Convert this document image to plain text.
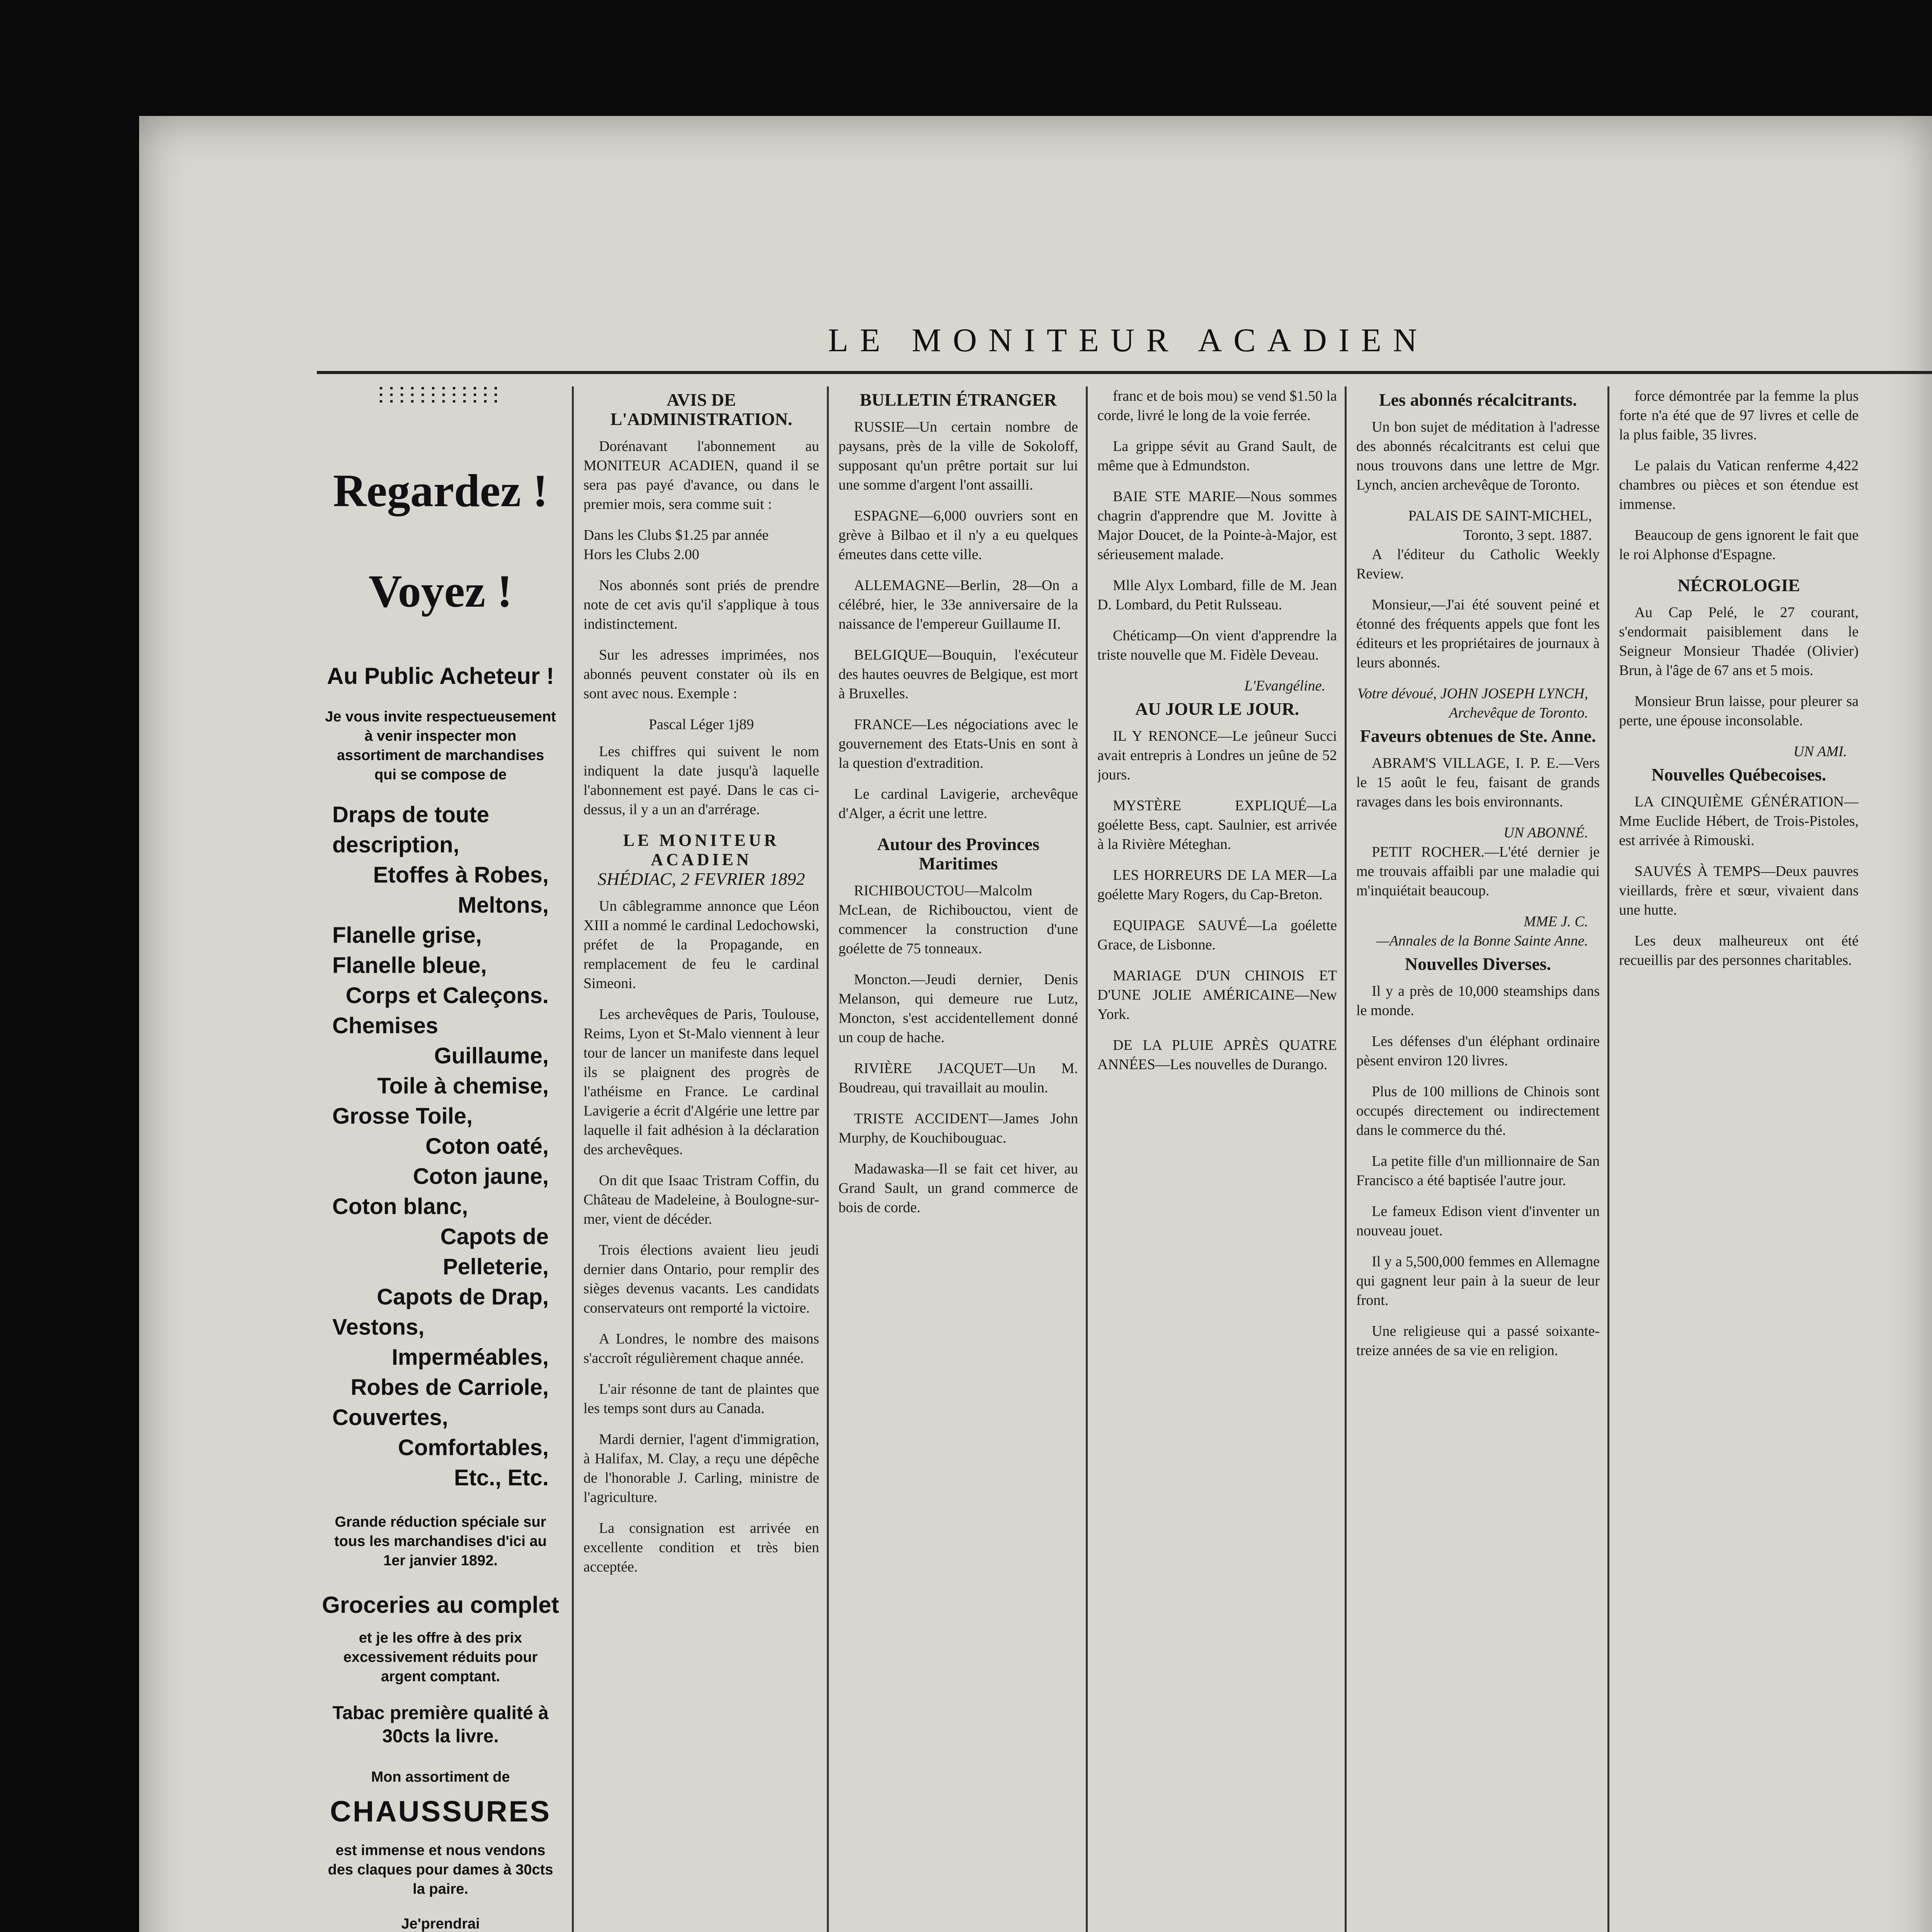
LE MONITEUR ACADIEN
⫶⫶⫶⫶⫶⫶⫶⫶⫶⫶⫶⫶
Regardez !
Voyez !
Au Public Acheteur !
Je vous invite respectueusement à venir inspecter mon assortiment de marchandises qui se compose de
Draps de toute description,
Etoffes à Robes,
Meltons,
Flanelle grise,
Flanelle bleue,
Corps et Caleçons.
Chemises
Guillaume,
Toile à chemise,
Grosse Toile,
Coton oaté,
Coton jaune,
Coton blanc,
Capots de Pelleterie,
Capots de Drap,
Vestons,
Imperméables,
Robes de Carriole,
Couvertes,
Comfortables,
Etc., Etc.
Grande réduction spéciale sur tous les marchandises d'ici au 1er janvier 1892.
Groceries au complet
et je les offre à des prix excessivement réduits pour argent comptant.
Tabac première qualité à 30cts la livre.
Mon assortiment de
CHAUSSURES
est immense et nous vendons des claques pour dames à 30cts la paire.
Je'prendrai
AVIS DE L'ADMINISTRATION.
Dorénavant l'abonnement au MONITEUR ACADIEN, quand il se sera pas payé d'avance, ou dans le premier mois, sera comme suit :
Dans les Clubs $1.25 par année
Hors les Clubs 2.00
Nos abonnés sont priés de prendre note de cet avis qu'il s'applique à tous indistinctement.
Sur les adresses imprimées, nos abonnés peuvent constater où ils en sont avec nous. Exemple :
Pascal Léger 1j89
Les chiffres qui suivent le nom indiquent la date jusqu'à laquelle l'abonnement est payé. Dans le cas ci-dessus, il y a un an d'arrérage.
LE MONITEUR ACADIEN
SHÉDIAC, 2 FEVRIER 1892
Un câblegramme annonce que Léon XIII a nommé le cardinal Ledochowski, préfet de la Propagande, en remplacement de feu le cardinal Simeoni.
Les archevêques de Paris, Toulouse, Reims, Lyon et St-Malo viennent à leur tour de lancer un manifeste dans lequel ils se plaignent des progrès de l'athéisme en France. Le cardinal Lavigerie a écrit d'Algérie une lettre par laquelle il fait adhésion à la déclaration des archevêques.
On dit que Isaac Tristram Coffin, du Château de Madeleine, à Boulogne-sur-mer, vient de décéder.
Trois élections avaient lieu jeudi dernier dans Ontario, pour remplir des sièges devenus vacants. Les candidats conservateurs ont remporté la victoire.
A Londres, le nombre des maisons s'accroît régulièrement chaque année.
L'air résonne de tant de plaintes que les temps sont durs au Canada.
Mardi dernier, l'agent d'immigration, à Halifax, M. Clay, a reçu une dépêche de l'honorable J. Carling, ministre de l'agriculture.
La consignation est arrivée en excellente condition et très bien acceptée.
BULLETIN ÉTRANGER
RUSSIE—Un certain nombre de paysans, près de la ville de Sokoloff, supposant qu'un prêtre portait sur lui une somme d'argent l'ont assailli.
ESPAGNE—6,000 ouvriers sont en grève à Bilbao et il n'y a eu quelques émeutes dans cette ville.
ALLEMAGNE—Berlin, 28—On a célébré, hier, le 33e anniversaire de la naissance de l'empereur Guillaume II.
BELGIQUE—Bouquin, l'exécuteur des hautes oeuvres de Belgique, est mort à Bruxelles.
FRANCE—Les négociations avec le gouvernement des Etats-Unis en sont à la question d'extradition.
Le cardinal Lavigerie, archevêque d'Alger, a écrit une lettre.
Autour des Provinces Maritimes
RICHIBOUCTOU—Malcolm McLean, de Richibouctou, vient de commencer la construction d'une goélette de 75 tonneaux.
Moncton.—Jeudi dernier, Denis Melanson, qui demeure rue Lutz, Moncton, s'est accidentellement donné un coup de hache.
RIVIÈRE JACQUET—Un M. Boudreau, qui travaillait au moulin.
TRISTE ACCIDENT—James John Murphy, de Kouchibouguac.
Madawaska—Il se fait cet hiver, au Grand Sault, un grand commerce de bois de corde.
franc et de bois mou) se vend $1.50 la corde, livré le long de la voie ferrée.
La grippe sévit au Grand Sault, de même que à Edmundston.
BAIE STE MARIE—Nous sommes chagrin d'apprendre que M. Jovitte à Major Doucet, de la Pointe-à-Major, est sérieusement malade.
Mlle Alyx Lombard, fille de M. Jean D. Lombard, du Petit Rulsseau.
Chéticamp—On vient d'apprendre la triste nouvelle que M. Fidèle Deveau.
L'Evangéline.
AU JOUR LE JOUR.
IL Y RENONCE—Le jeûneur Succi avait entrepris à Londres un jeûne de 52 jours.
MYSTÈRE EXPLIQUÉ—La goélette Bess, capt. Saulnier, est arrivée à la Rivière Méteghan.
LES HORREURS DE LA MER—La goélette Mary Rogers, du Cap-Breton.
EQUIPAGE SAUVÉ—La goélette Grace, de Lisbonne.
MARIAGE D'UN CHINOIS ET D'UNE JOLIE AMÉRICAINE—New York.
DE LA PLUIE APRÈS QUATRE ANNÉES—Les nouvelles de Durango.
Les abonnés récalcitrants.
Un bon sujet de méditation à l'adresse des abonnés récalcitrants est celui que nous trouvons dans une lettre de Mgr. Lynch, ancien archevêque de Toronto.
PALAIS DE SAINT-MICHEL, Toronto, 3 sept. 1887.
A l'éditeur du Catholic Weekly Review.
Monsieur,—J'ai été souvent peiné et étonné des fréquents appels que font les éditeurs et les propriétaires de journaux à leurs abonnés.
Votre dévoué, JOHN JOSEPH LYNCH, Archevêque de Toronto.
Faveurs obtenues de Ste. Anne.
ABRAM'S VILLAGE, I. P. E.—Vers le 15 août le feu, faisant de grands ravages dans les bois environnants.
UN ABONNÉ.
PETIT ROCHER.—L'été dernier je me trouvais affaibli par une maladie qui m'inquiétait beaucoup.
MME J. C.
—Annales de la Bonne Sainte Anne.
Nouvelles Diverses.
Il y a près de 10,000 steamships dans le monde.
Les défenses d'un éléphant ordinaire pèsent environ 120 livres.
Plus de 100 millions de Chinois sont occupés directement ou indirectement dans le commerce du thé.
La petite fille d'un millionnaire de San Francisco a été baptisée l'autre jour.
Le fameux Edison vient d'inventer un nouveau jouet.
Il y a 5,500,000 femmes en Allemagne qui gagnent leur pain à la sueur de leur front.
Une religieuse qui a passé soixante-treize années de sa vie en religion.
force démontrée par la femme la plus forte n'a été que de 97 livres et celle de la plus faible, 35 livres.
Le palais du Vatican renferme 4,422 chambres ou pièces et son étendue est immense.
Beaucoup de gens ignorent le fait que le roi Alphonse d'Espagne.
NÉCROLOGIE
Au Cap Pelé, le 27 courant, s'endormait paisiblement dans le Seigneur Monsieur Thadée (Olivier) Brun, à l'âge de 67 ans et 5 mois.
Monsieur Brun laisse, pour pleurer sa perte, une épouse inconsolable.
UN AMI.
Nouvelles Québecoises.
LA CINQUIÈME GÉNÉRATION—Mme Euclide Hébert, de Trois-Pistoles, est arrivée à Rimouski.
SAUVÉS À TEMPS—Deux pauvres vieillards, frère et sœur, vivaient dans une hutte.
Les deux malheureux ont été recueillis par des personnes charitables.
